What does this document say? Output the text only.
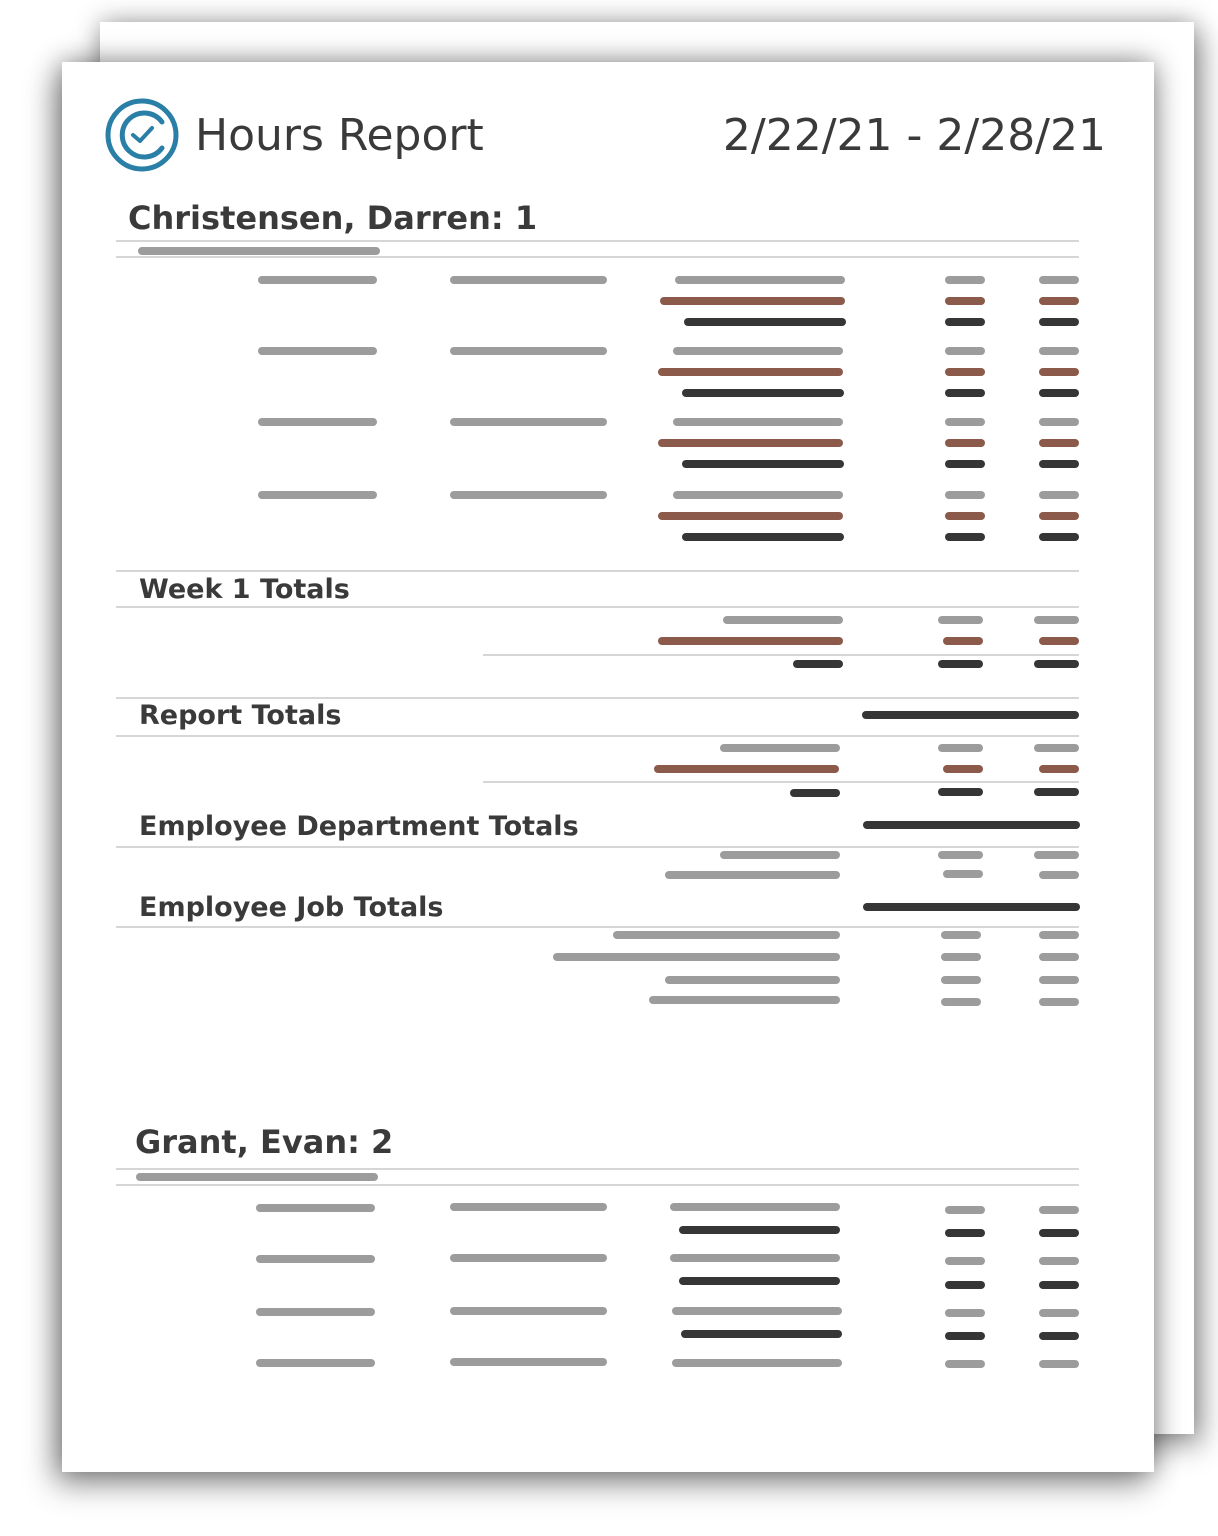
Hours Report	2/22/21 - 2/28/21
Christensen, Darren: 1
Week 1 Totals
Report Totals
Employee Department Totals
Employee Job Totals
Grant, Evan: 2
